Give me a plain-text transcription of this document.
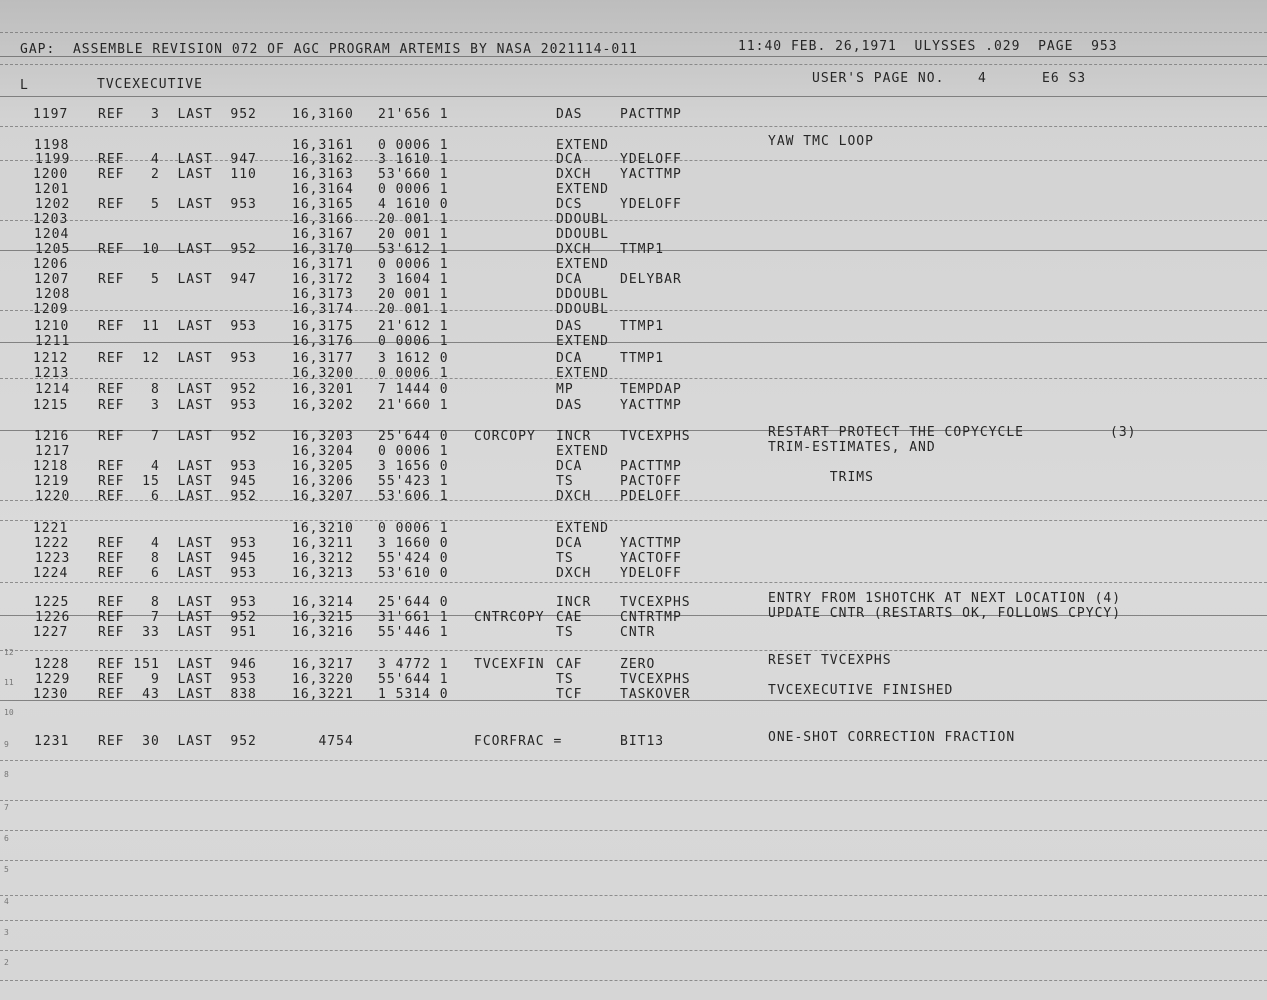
GAP:  ASSEMBLE REVISION 072 OF AGC PROGRAM ARTEMIS BY NASA 2021114-011	11:40 FEB. 26,1971  ULYSSES .029  PAGE  953
L	TVCEXECUTIVE	USER'S PAGE NO.	4	E6 S3
1197 REF   3  LAST  952	16,3160 21'656 1	DAS	PACTTMP
1198	16,3161 0 0006 1	EXTEND	YAW TMC LOOP
1199 REF   4  LAST  947	16,3162 3 1610 1	DCA	YDELOFF
1200 REF   2  LAST  110	16,3163 53'660 1	DXCH YACTTMP
1201	16,3164 0 0006 1	EXTEND
1202 REF   5  LAST  953	16,3165 4 1610 0	DCS	YDELOFF
1203	16,3166 20 001 1	DDOUBL
1204	16,3167 20 001 1	DDOUBL
1205 REF  10  LAST  952	16,3170 53'612 1	DXCH TTMP1
1206	16,3171 0 0006 1	EXTEND
1207 REF   5  LAST  947	16,3172 3 1604 1	DCA	DELYBAR
1208	16,3173 20 001 1	DDOUBL
1209	16,3174 20 001 1	DDOUBL
1210 REF  11  LAST  953	16,3175 21'612 1	DAS	TTMP1
1211	16,3176 0 0006 1	EXTEND
1212 REF  12  LAST  953	16,3177 3 1612 0	DCA	TTMP1
1213	16,3200 0 0006 1	EXTEND
1214 REF   8  LAST  952	16,3201 7 1444 0	MP	TEMPDAP
1215 REF   3  LAST  953	16,3202 21'660 1	DAS	YACTTMP
1216 REF   7  LAST  952	16,3203 25'644 0 CORCOPY INCR TVCEXPHS	RESTART PROTECT THE COPYCYCLE	(3)
1217	16,3204 0 0006 1	EXTEND	TRIM-ESTIMATES, AND
1218 REF   4  LAST  953	16,3205 3 1656 0	DCA	PACTTMP
1219 REF  15  LAST  945	16,3206 55'423 1	TS	PACTOFF	TRIMS
1220 REF   6  LAST  952	16,3207 53'606 1	DXCH PDELOFF
1221	16,3210 0 0006 1	EXTEND
1222 REF   4  LAST  953	16,3211 3 1660 0	DCA	YACTTMP
1223 REF   8  LAST  945	16,3212 55'424 0	TS	YACTOFF
1224 REF   6  LAST  953	16,3213 53'610 0	DXCH YDELOFF
1225 REF   8  LAST  953	16,3214 25'644 0	INCR TVCEXPHS	ENTRY FROM 1SHOTCHK AT NEXT LOCATION (4)
1226 REF   7  LAST  952	16,3215 31'661 1 CNTRCOPY CAE	CNTRTMP	UPDATE CNTR (RESTARTS OK, FOLLOWS CPYCY)
1227 REF  33  LAST  951	16,3216 55'446 1	TS	CNTR
1228 REF 151  LAST  946	16,3217 3 4772 1 TVCEXFIN CAF	ZERO	RESET TVCEXPHS
1229 REF   9  LAST  953	16,3220 55'644 1	TS	TVCEXPHS
1230 REF  43  LAST  838	16,3221 1 5314 0	TCF	TASKOVER	TVCEXECUTIVE FINISHED
1231 REF  30  LAST  952	4754	FCORFRAC =	BIT13	ONE-SHOT CORRECTION FRACTION
12
11
10
9
8
7
6
5
4
3
2
